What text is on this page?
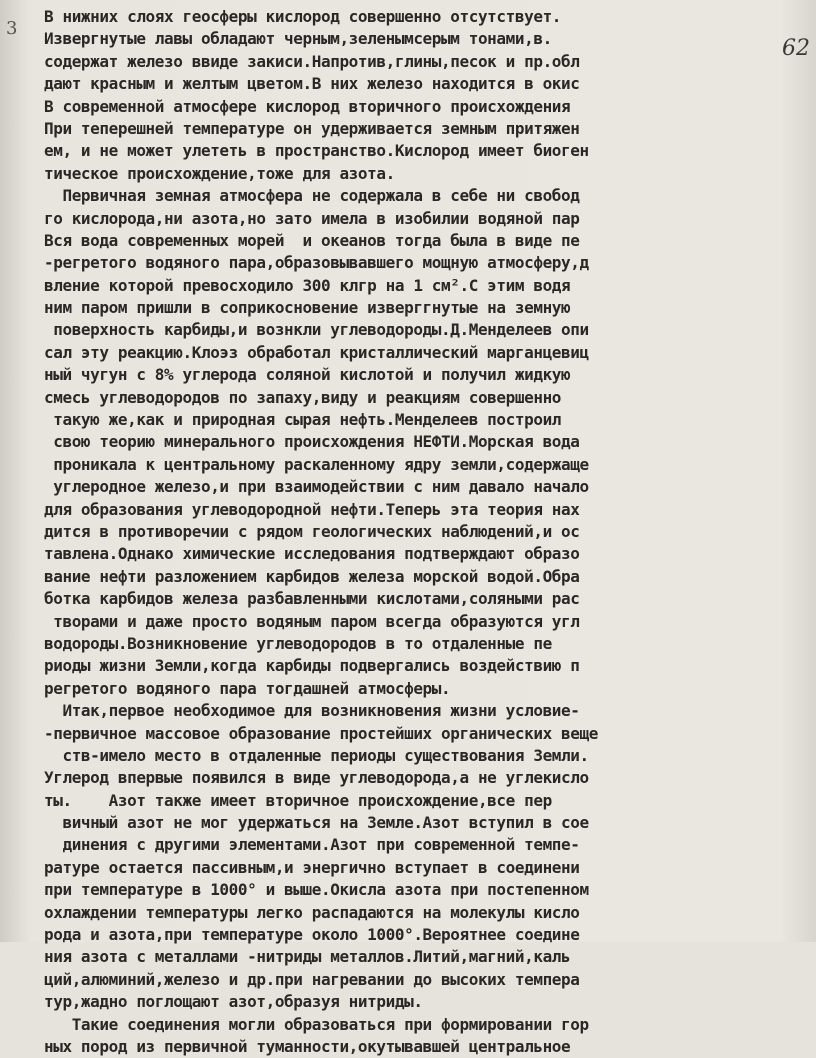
3
62
В нижних слоях геосферы кислород совершенно отсутствует.
Извергнутые лавы обладают черным,зеленымсерым тонами,в.
содержат железо ввиде закиси.Напротив,глины,песок и пр.обл
дают красным и желтым цветом.В них железо находится в окис
В современной атмосфере кислород вторичного происхождения
При теперешней температуре он удерживается земным притяжен
ем, и не может улететь в пространство.Кислород имеет биоген
тическое происхождение,тоже для азота.
Первичная земная атмосфера не содержала в себе ни свобод
го кислорода,ни азота,но зато имела в изобилии водяной пар
Вся вода современных морей  и океанов тогда была в виде пе
-регретого водяного пара,образовывавшего мощную атмосферу,д
вление которой превосходило 300 клгр на 1 см².С этим водя
ним паром пришли в соприкосновение изверггнутые на земную
поверхность карбиды,и вознкли углеводороды.Д.Менделеев опи
сал эту реакцию.Клоэз обработал кристаллический марганцевиц
ный чугун с 8% углерода соляной кислотой и получил жидкую
смесь углеводородов по запаху,виду и реакциям совершенно
такую же,как и природная сырая нефть.Менделеев построил
свою теорию минерального происхождения НЕФТИ.Морская вода
проникала к центральному раскаленному ядру земли,содержаще
углеродное железо,и при взаимодействии с ним давало начало
для образования углеводородной нефти.Теперь эта теория нах
дится в противоречии с рядом геологических наблюдений,и ос
тавлена.Однако химические исследования подтверждают образо
вание нефти разложением карбидов железа морской водой.Обра
ботка карбидов железа разбавленными кислотами,соляными рас
творами и даже просто водяным паром всегда образуются угл
водороды.Возникновение углеводородов в то отдаленные пе
риоды жизни Земли,когда карбиды подвергались воздействию п
регретого водяного пара тогдашней атмосферы.
Итак,первое необходимое для возникновения жизни условие-
-первичное массовое образование простейших органических веще
ств-имело место в отдаленные периоды существования Земли.
Углерод впервые появился в виде углеводорода,а не углекисло
ты.    Азот также имеет вторичное происхождение,все пер
вичный азот не мог удержаться на Земле.Азот вступил в сое
динения с другими элементами.Азот при современной темпе-
ратуре остается пассивным,и энергично вступает в соединени
при температуре в 1000° и выше.Окисла азота при постепенном
охлаждении температуры легко распадаются на молекулы кисло
рода и азота,при температуре около 1000°.Вероятнее соедине
ния азота с металлами -нитриды металлов.Литий,магний,каль
ций,алюминий,железо и др.при нагревании до высоких темпера
тур,жадно поглощают азот,образуя нитриды.
Такие соединения могли образоваться при формировании гор
ных пород из первичной туманности,окутывавшей центральное
